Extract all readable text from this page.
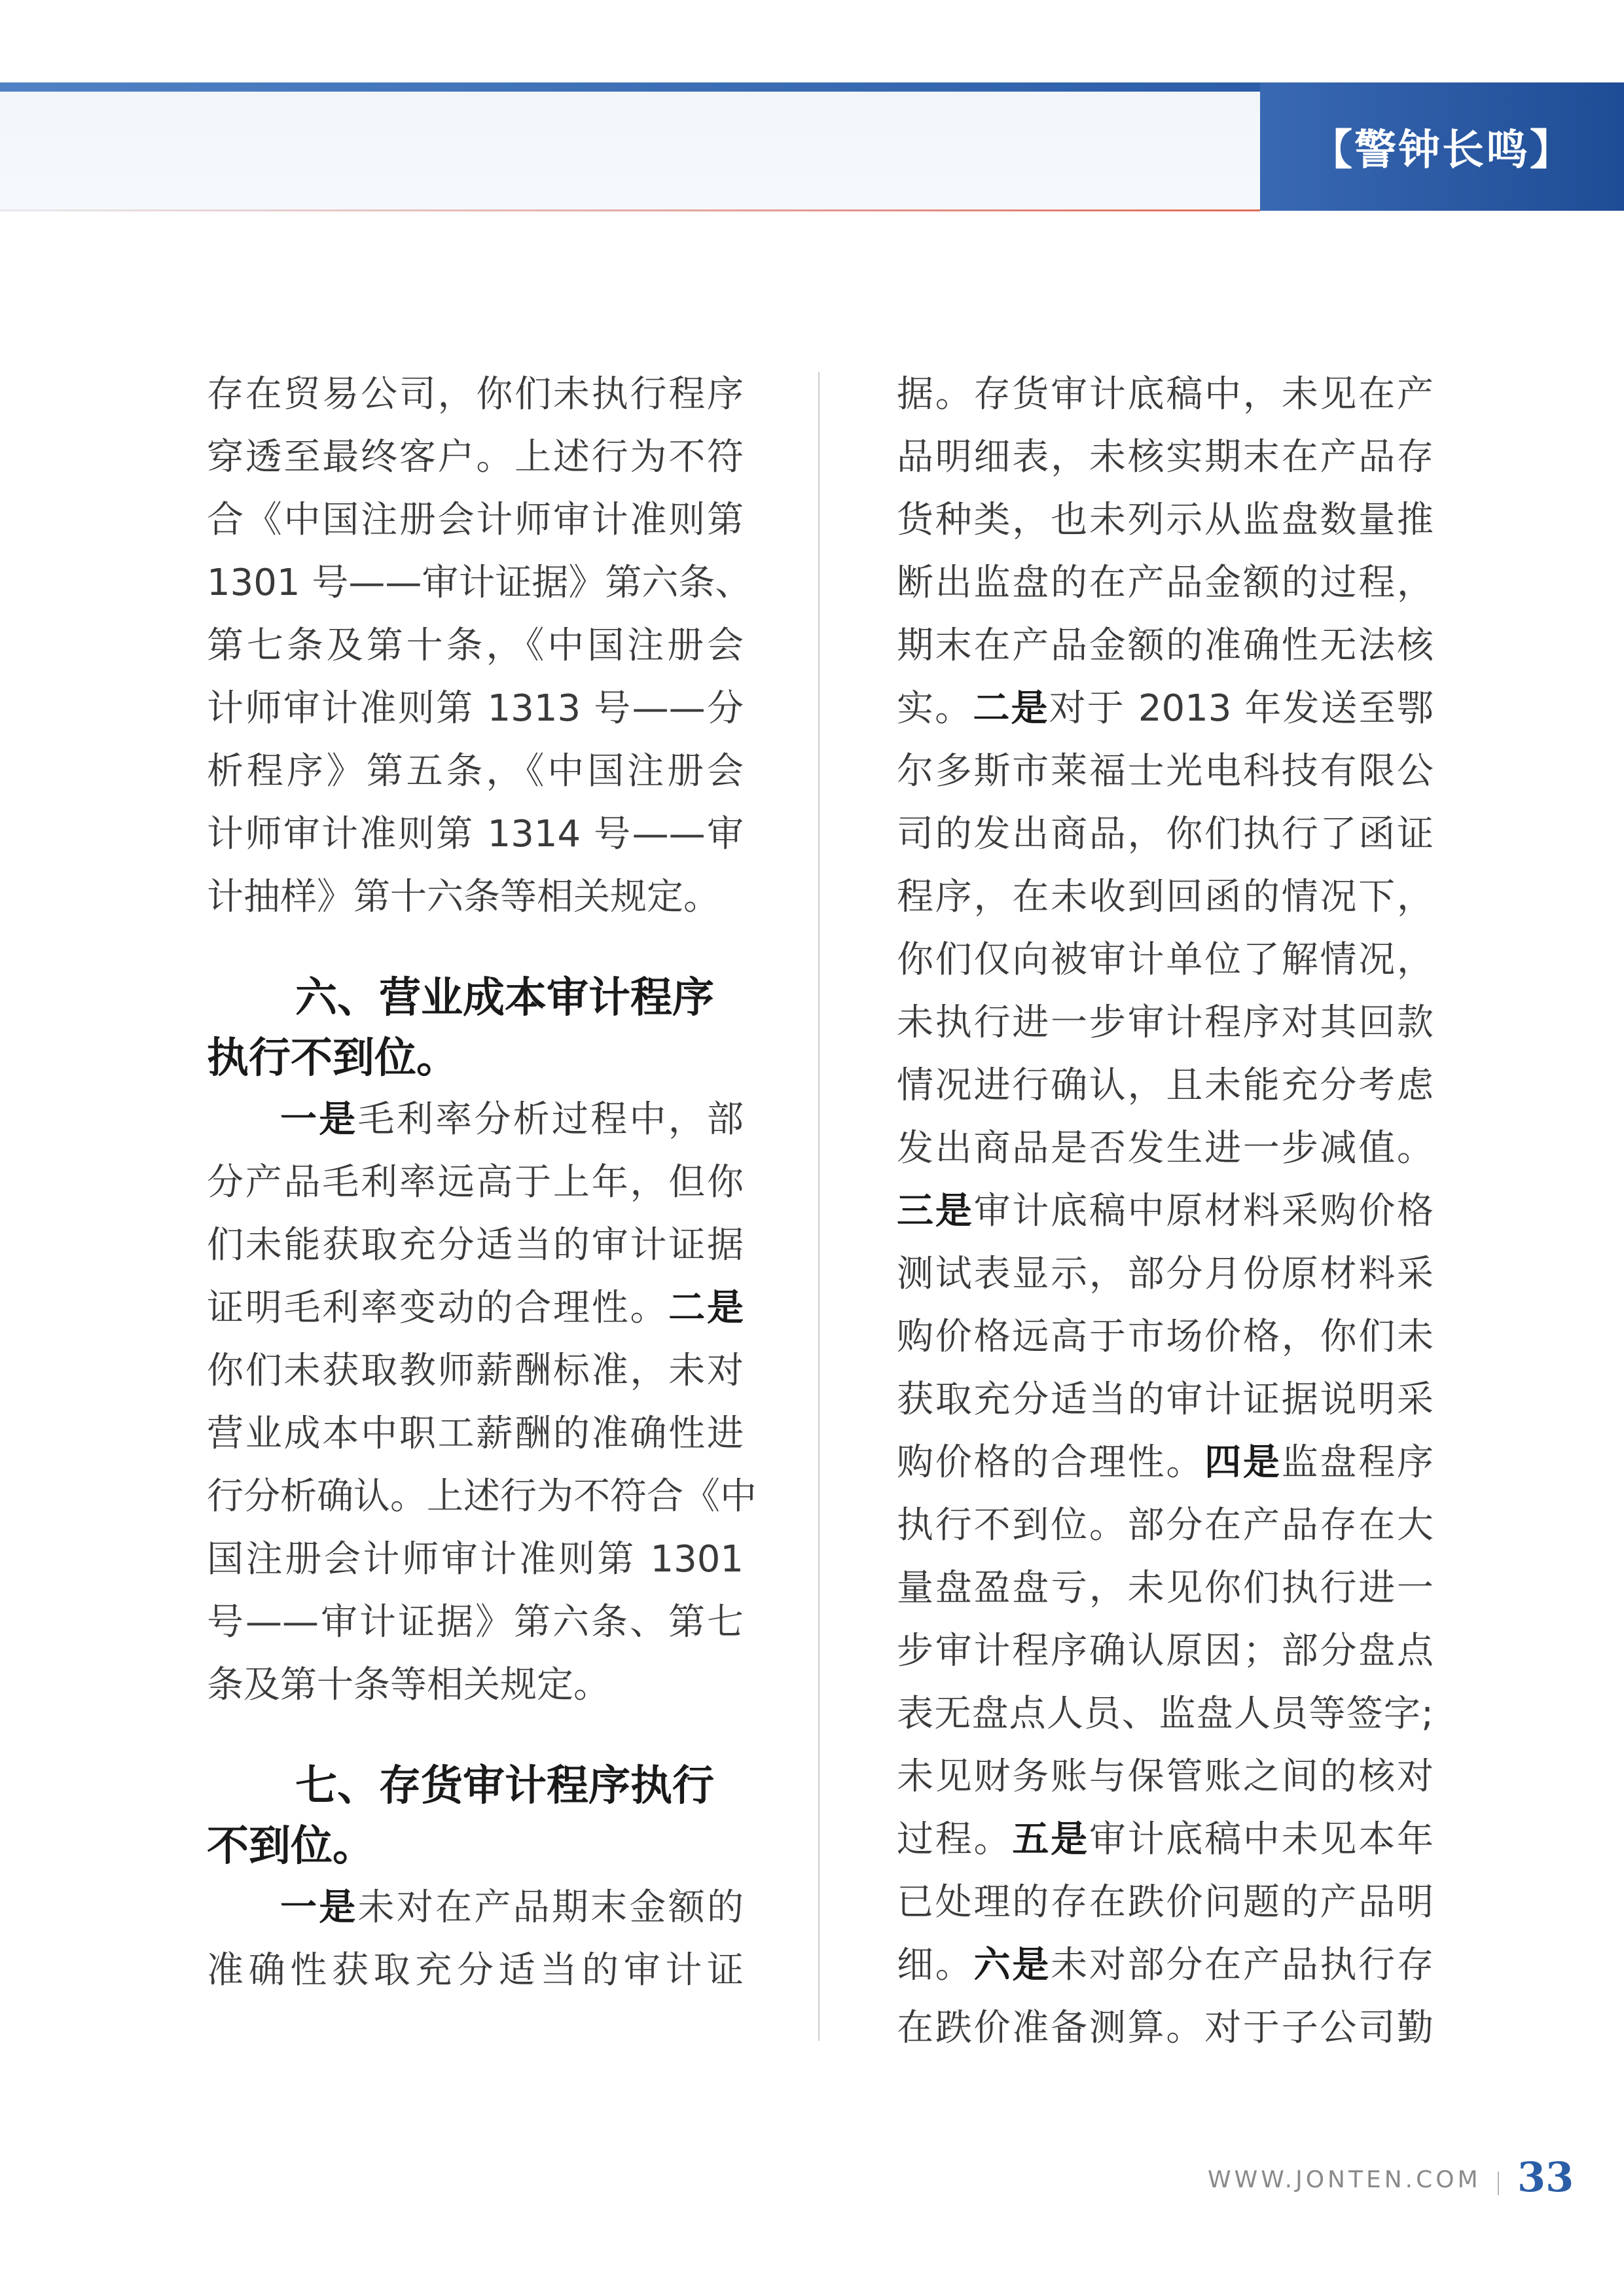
【警钟长鸣】
存在贸易公司，你们未执行程序
穿透至最终客户。上述行为不符
合《中国注册会计师审计准则第
1301 号——审计证据》第六条、
第七条及第十条，《中国注册会
计师审计准则第 1313 号——分
析程序》第五条，《中国注册会
计师审计准则第 1314 号——审
计抽样》第十六条等相关规定。
六、营业成本审计程序
执行不到位。
一是毛利率分析过程中，部
分产品毛利率远高于上年，但你
们未能获取充分适当的审计证据
证明毛利率变动的合理性。二是
你们未获取教师薪酬标准，未对
营业成本中职工薪酬的准确性进
行分析确认。上述行为不符合《中
国注册会计师审计准则第 1301
号——审计证据》第六条、第七
条及第十条等相关规定。
七、存货审计程序执行
不到位。
一是未对在产品期末金额的
准确性获取充分适当的审计证
据。存货审计底稿中，未见在产
品明细表，未核实期末在产品存
货种类，也未列示从监盘数量推
断出监盘的在产品金额的过程，
期末在产品金额的准确性无法核
实。二是对于 2013 年发送至鄂
尔多斯市莱福士光电科技有限公
司的发出商品，你们执行了函证
程序，在未收到回函的情况下，
你们仅向被审计单位了解情况，
未执行进一步审计程序对其回款
情况进行确认，且未能充分考虑
发出商品是否发生进一步减值。
三是审计底稿中原材料采购价格
测试表显示，部分月份原材料采
购价格远高于市场价格，你们未
获取充分适当的审计证据说明采
购价格的合理性。四是监盘程序
执行不到位。部分在产品存在大
量盘盈盘亏，未见你们执行进一
步审计程序确认原因；部分盘点
表无盘点人员、监盘人员等签字;
未见财务账与保管账之间的核对
过程。五是审计底稿中未见本年
已处理的存在跌价问题的产品明
细。六是未对部分在产品执行存
在跌价准备测算。对于子公司勤
WWW.JONTEN.COM 33
